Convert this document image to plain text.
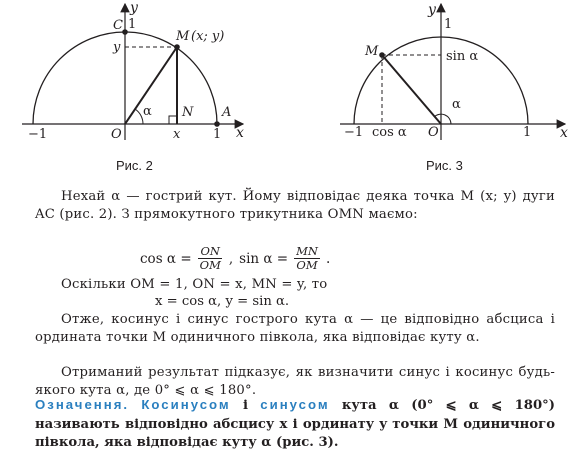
y
x
C 1
M (x; y)
y
α N A
−1	O	x	1
Рис. 2
y
x
1
M	sin α
α
−1 cos α O	1
Рис. 3
Нехай α — гострий кут. Йому відповідає деяка точка M (x; y) дуги AC (рис. 2). З прямокутного трикутника OMN маємо:
$\cos \alpha = \frac{ON}{OM}$ , $\sin \alpha = \frac{MN}{OM}$ .
Оскільки OM = 1, ON = x, MN = y, то
x = cos α, y = sin α.
Отже, косинус і синус гострого кута α — це відповідно абсциса і ордината точки M одиничного півкола, яка відповідає куту α.
Отриманий результат підказує, як визначити синус і косинус будь-якого кута α, де 0° ⩽ α ⩽ 180°.
Означення. Косинусом і синусом кута α (0° ⩽ α ⩽ 180°) називають відповідно абсцису x і ординату y точки M одиничного півкола, яка відповідає куту α (рис. 3).
